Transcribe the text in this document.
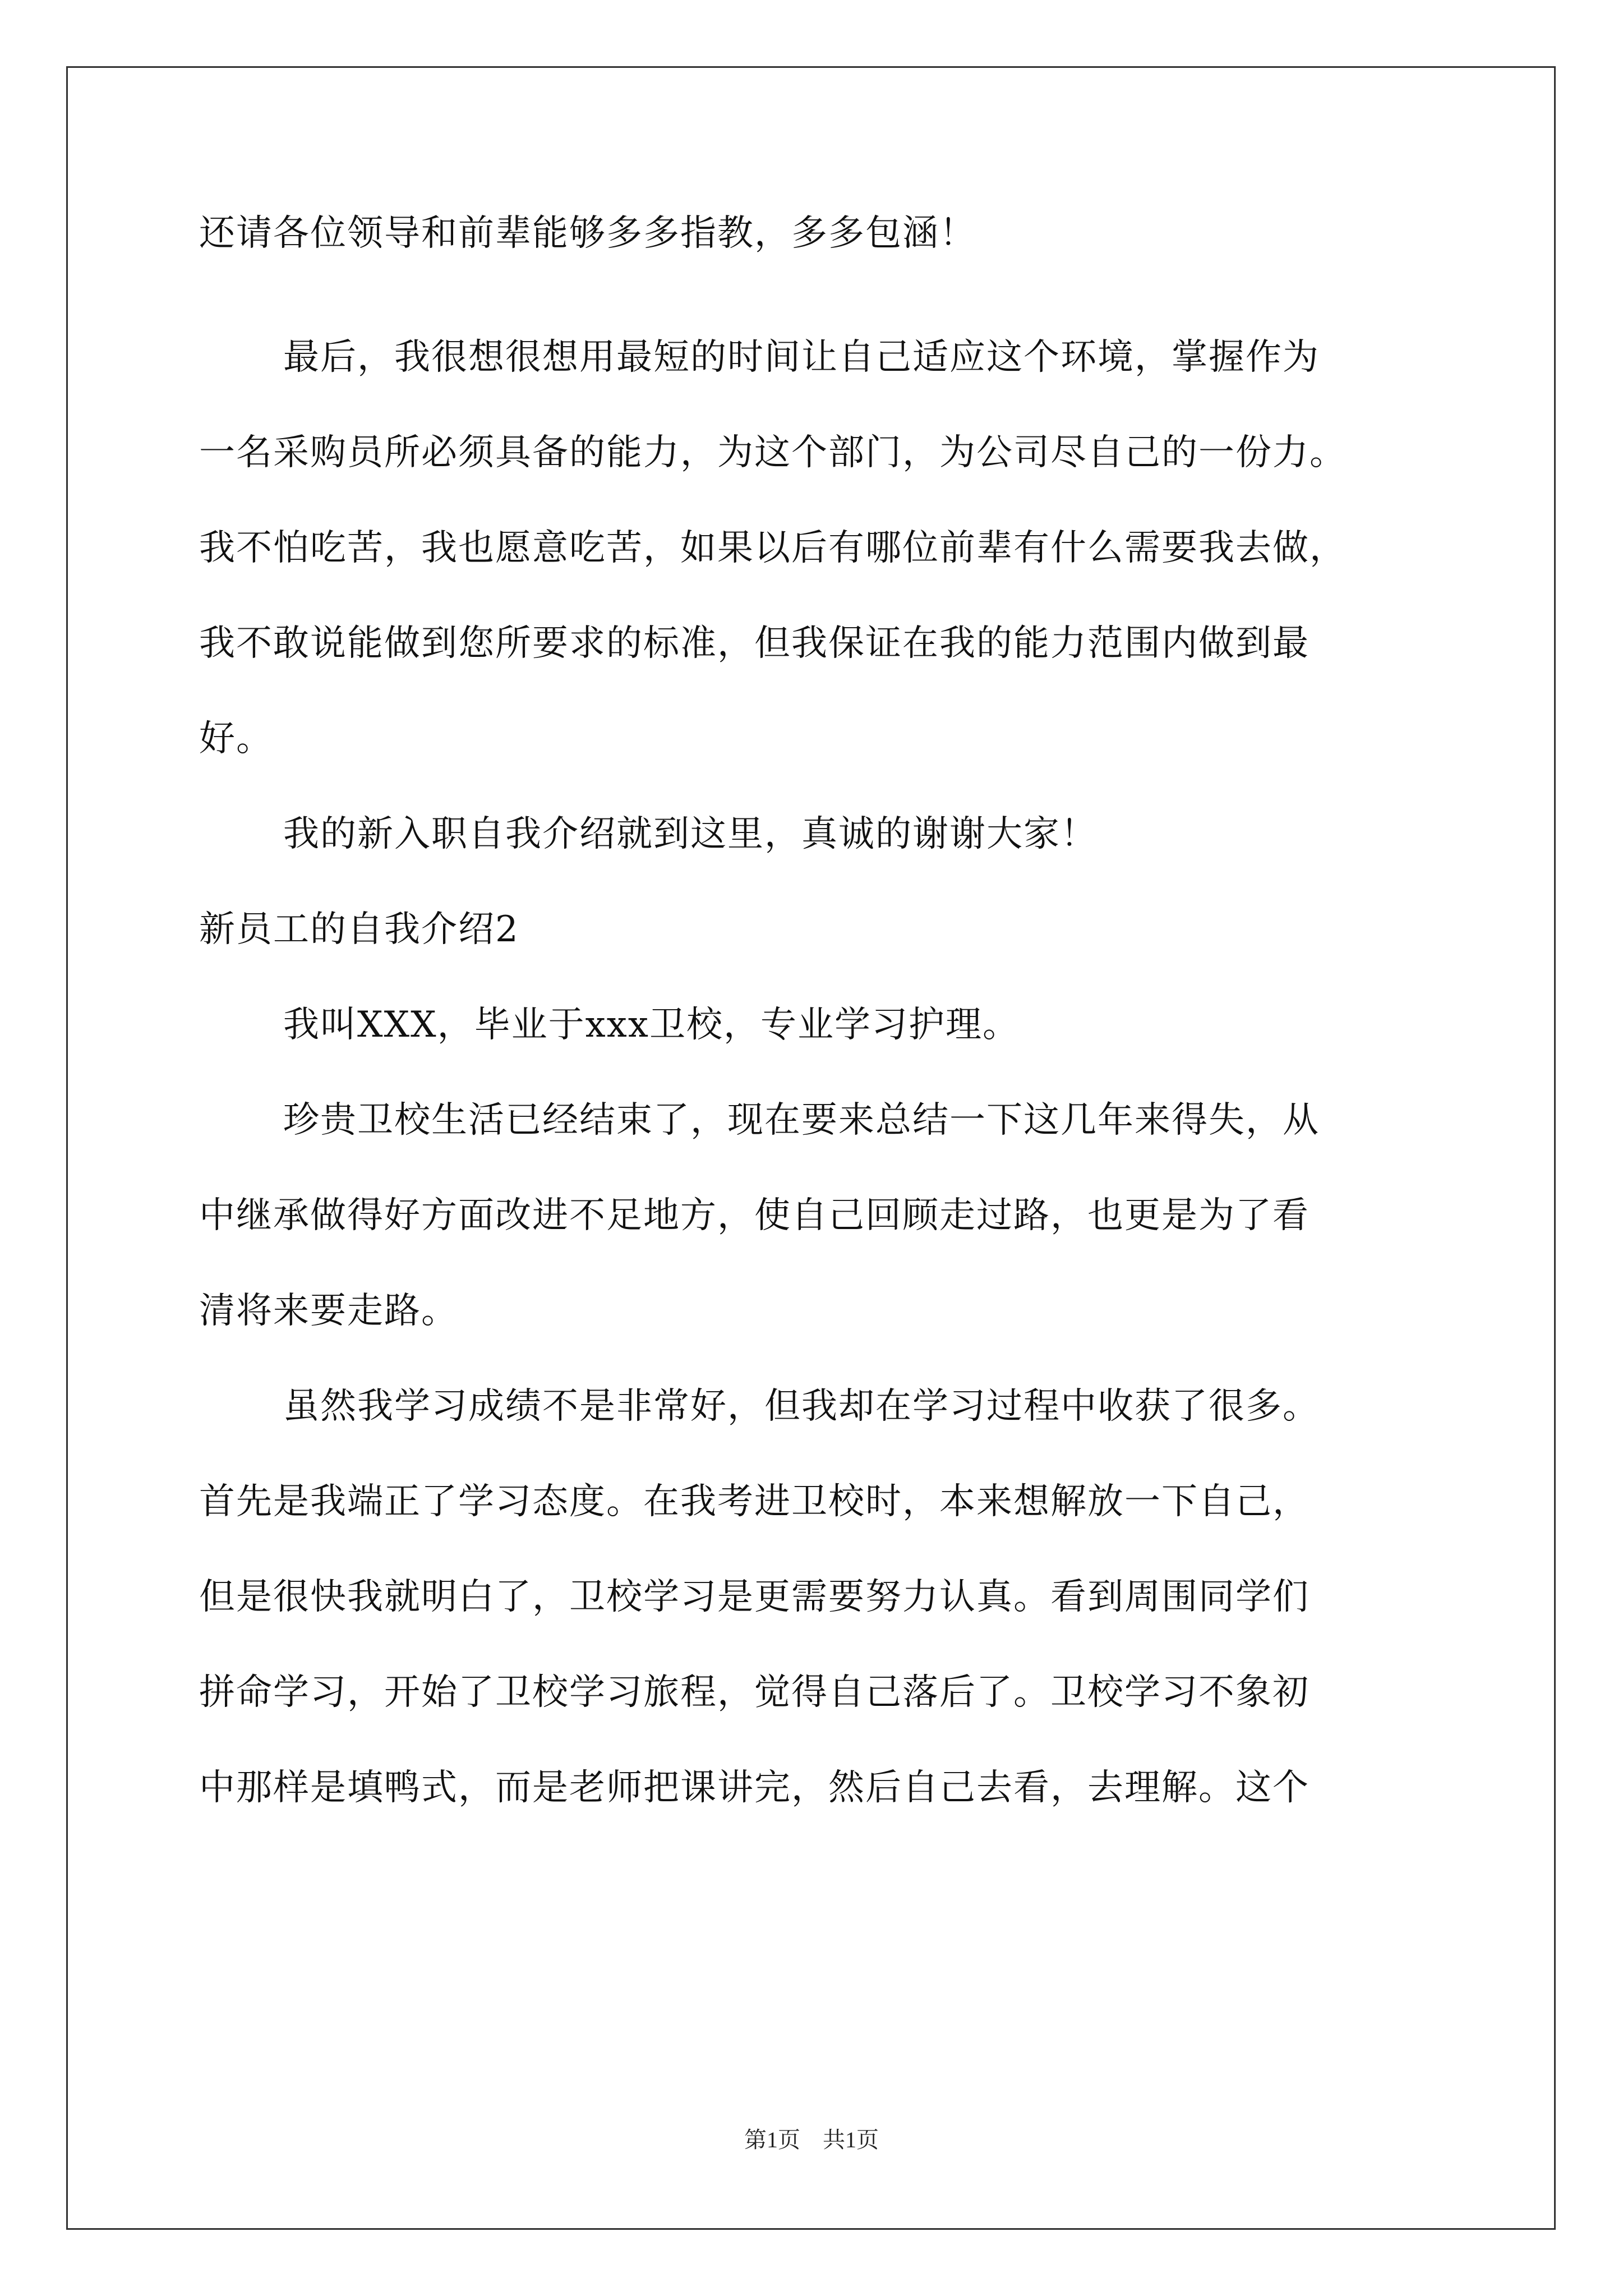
还请各位领导和前辈能够多多指教，多多包涵！
最后，我很想很想用最短的时间让自己适应这个环境，掌握作为
一名采购员所必须具备的能力，为这个部门，为公司尽自己的一份力。
我不怕吃苦，我也愿意吃苦，如果以后有哪位前辈有什么需要我去做，
我不敢说能做到您所要求的标准，但我保证在我的能力范围内做到最
好。
我的新入职自我介绍就到这里，真诚的谢谢大家！
新员工的自我介绍2
我叫XXX，毕业于xxx卫校，专业学习护理。
珍贵卫校生活已经结束了，现在要来总结一下这几年来得失，从
中继承做得好方面改进不足地方，使自己回顾走过路，也更是为了看
清将来要走路。
虽然我学习成绩不是非常好，但我却在学习过程中收获了很多。
首先是我端正了学习态度。在我考进卫校时，本来想解放一下自己，
但是很快我就明白了，卫校学习是更需要努力认真。看到周围同学们
拼命学习，开始了卫校学习旅程，觉得自己落后了。卫校学习不象初
中那样是填鸭式，而是老师把课讲完，然后自己去看，去理解。这个
第1页　共1页
